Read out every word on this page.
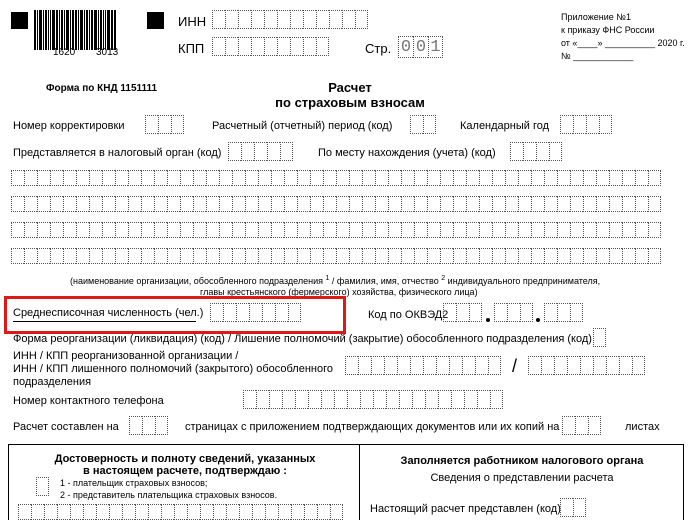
1620 3013
ИНН
КПП	Стр. 0 0 1
Приложение №1
к приказу ФНС России
от «____» __________ 2020 г.
№ ____________
Форма по КНД 1151111	Расчет
по страховым взносам
Номер корректировки	Расчетный (отчетный) период (код)	Календарный год
Представляется в налоговый орган (код)	По месту нахождения (учета) (код)
(наименование организации, обособленного подразделения $^1$ / фамилия, имя, отчество $^2$ индивидуального предпринимателя,
главы крестьянского (фермерского) хозяйства, физического лица)
Среднесписочная численность (чел.)	Код по ОКВЭД2
Форма реорганизации (ликвидация) (код) / Лишение полномочий (закрытие) обособленного подразделения (код)
ИНН / КПП реорганизованной организации /
ИНН / КПП лишенного полномочий (закрытого) обособленного
подразделения
/
Номер контактного телефона
Расчет составлен на	страницах с приложением подтверждающих документов или их копий на	листах
Достоверность и полноту сведений, указанных
в настоящем расчете, подтверждаю :
1 - плательщик страховых взносов;
2 - представитель плательщика страховых взносов.
Заполняется работником налогового органа
Сведения о представлении расчета
Настоящий расчет представлен (код)
